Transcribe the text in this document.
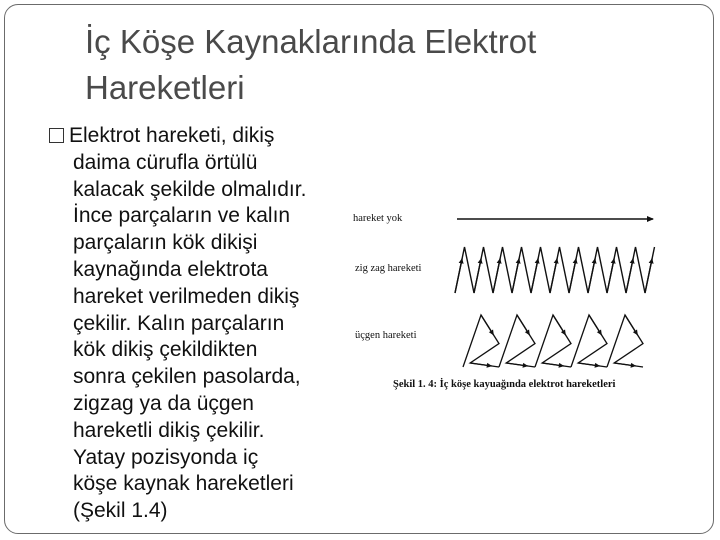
İç Köşe Kaynaklarında Elektrot
Hareketleri
Elektrot hareketi, dikiş
daima cürufla örtülü
kalacak şekilde olmalıdır.
İnce parçaların ve kalın
parçaların kök dikişi
kaynağında elektrota
hareket verilmeden dikiş
çekilir. Kalın parçaların
kök dikiş çekildikten
sonra çekilen pasolarda,
zigzag ya da üçgen
hareketli dikiş çekilir.
Yatay pozisyonda iç
köşe kaynak hareketleri
(Şekil 1.4)
hareket yok
zig zag hareketi
üçgen hareketi
Şekil 1. 4: İç köşe kayuağında elektrot hareketleri
